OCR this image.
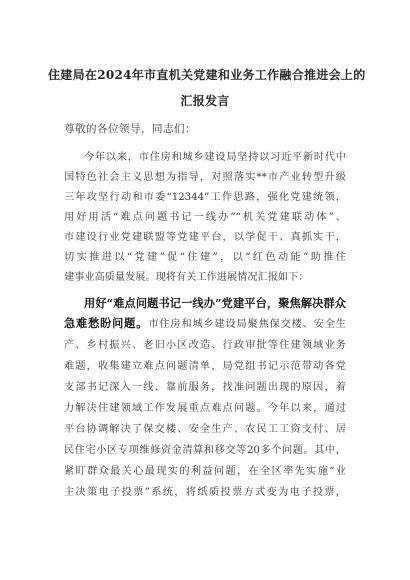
住建局在2024年市直机关党建和业务工作融合推进会上的
汇报发言
尊敬的各位领导，同志们：
今年以来，市住房和城乡建设局坚持以习近平新时代中
国特色社会主义思想为指导，对照落实**市产业转型升级
三年攻坚行动和市委“12344”工作思路，强化党建统领，
用好用活“难点问题书记一线办”“机关党建联动体”、
市建设行业党建联盟等党建平台，以学促干、真抓实干，
切实推进以“党建”促“住建”，以“红色动能”助推住
建事业高质量发展。现将有关工作进展情况汇报如下：
用好“难点问题书记一线办”党建平台，聚焦解决群众
急难愁盼问题。市住房和城乡建设局聚焦保交楼、安全生
产、乡村振兴、老旧小区改造、行政审批等住建领域业务
难题，收集建立难点问题清单，局党组书记示范带动各党
支部书记深入一线、靠前服务，找准问题出现的原因，着
力解决住建领域工作发展重点难点问题。今年以来，通过
平台协调解决了保交楼、安全生产、农民工工资支付、居
民住宅小区专项维修资金清算和移交等20多个问题。其中，
紧盯群众最关心最现实的利益问题，在全区率先实施“业
主决策电子投票”系统，将纸质投票方式变为电子投票，
